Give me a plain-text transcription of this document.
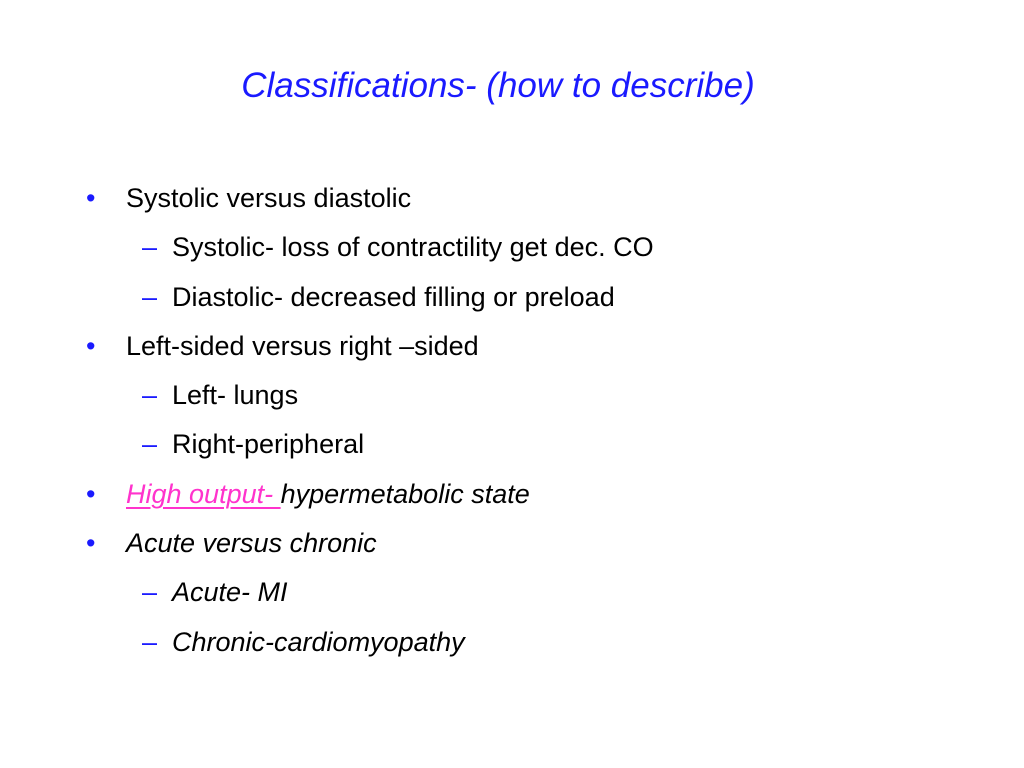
Classifications- (how to describe)
• Systolic versus diastolic
– Systolic- loss of contractility get dec. CO
– Diastolic- decreased filling or preload
• Left-sided versus right –sided
– Left- lungs
– Right-peripheral
• High output- hypermetabolic state
• Acute versus chronic
– Acute- MI
– Chronic-cardiomyopathy
